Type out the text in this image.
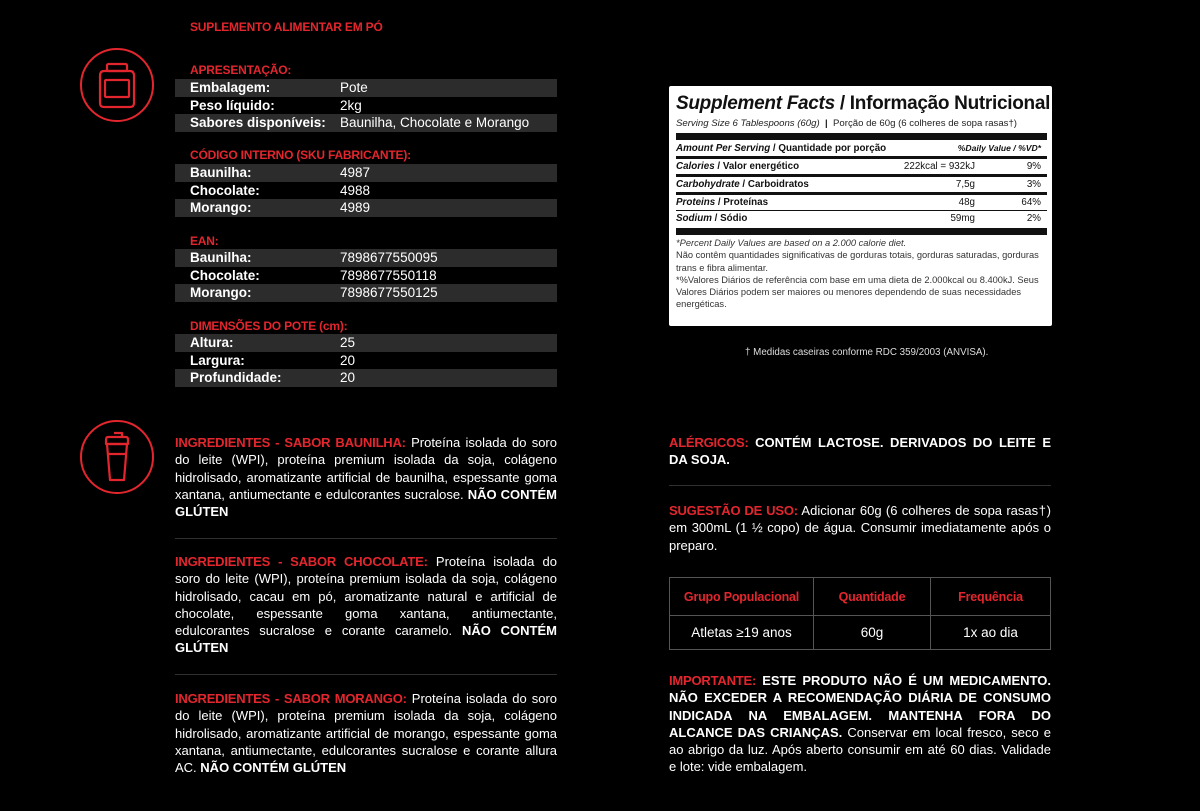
SUPLEMENTO ALIMENTAR EM PÓ
APRESENTAÇÃO:
Embalagem:	Pote
Peso líquido:	2kg
Sabores disponíveis:	Baunilha, Chocolate e Morango
CÓDIGO INTERNO (SKU FABRICANTE):
Baunilha:	4987
Chocolate:	4988
Morango:	4989
EAN:
Baunilha:	7898677550095
Chocolate:	7898677550118
Morango:	7898677550125
DIMENSÕES DO POTE (cm):
Altura:	25
Largura:	20
Profundidade:	20
Supplement Facts / Informação Nutricional
Serving Size 6 Tablespoons (60g) | Porção de 60g (6 colheres de sopa rasas†)
Amount Per Serving / Quantidade por porção	%Daily Value / %VD*
Calories / Valor energético	222kcal = 932kJ	9%
Carbohydrate / Carboidratos	7,5g	3%
Proteins / Proteínas	48g	64%
Sodium / Sódio	59mg	2%
*Percent Daily Values are based on a 2.000 calorie diet.
Não contêm quantidades significativas de gorduras totais, gorduras saturadas, gorduras trans e fibra alimentar.
*%Valores Diários de referência com base em uma dieta de 2.000kcal ou 8.400kJ. Seus Valores Diários podem ser maiores ou menores dependendo de suas necessidades energéticas.
† Medidas caseiras conforme RDC 359/2003 (ANVISA).
INGREDIENTES - SABOR BAUNILHA: Proteína isolada do soro do leite (WPI), proteína premium isolada da soja, colágeno hidrolisado, aromatizante artificial de baunilha, espessante goma xantana, antiumectante e edulcorantes sucralose. NÃO CONTÉM GLÚTEN
INGREDIENTES - SABOR CHOCOLATE: Proteína isolada do soro do leite (WPI), proteína premium isolada da soja, colágeno hidrolisado, cacau em pó, aromatizante natural e artificial de chocolate, espessante goma xantana, antiumectante, edulcorantes sucralose e corante caramelo. NÃO CONTÉM GLÚTEN
INGREDIENTES - SABOR MORANGO: Proteína isolada do soro do leite (WPI), proteína premium isolada da soja, colágeno hidrolisado, aromatizante artificial de morango, espessante goma xantana, antiumectante, edulcorantes sucralose e corante allura AC. NÃO CONTÉM GLÚTEN
ALÉRGICOS: CONTÉM LACTOSE. DERIVADOS DO LEITE E DA SOJA.
SUGESTÃO DE USO: Adicionar 60g (6 colheres de sopa rasas†) em 300mL (1 ½ copo) de água. Consumir imediatamente após o preparo.
Grupo Populacional	Quantidade	Frequência
Atletas ≥19 anos	60g	1x ao dia
IMPORTANTE: ESTE PRODUTO NÃO É UM MEDICAMENTO. NÃO EXCEDER A RECOMENDAÇÃO DIÁRIA DE CONSUMO INDICADA NA EMBALAGEM. MANTENHA FORA DO ALCANCE DAS CRIANÇAS. Conservar em local fresco, seco e ao abrigo da luz. Após aberto consumir em até 60 dias. Validade e lote: vide embalagem.
